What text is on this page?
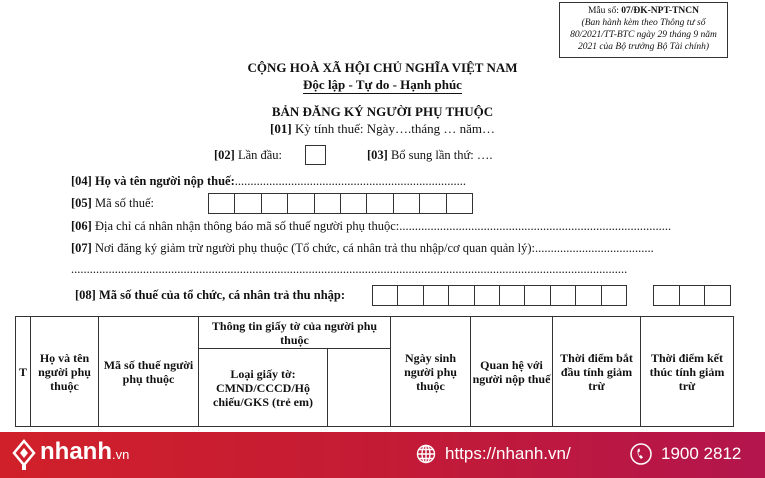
Mẫu số: 07/ĐK-NPT-TNCN
(Ban hành kèm theo Thông tư số 80/2021/TT-BTC ngày 29 tháng 9 năm 2021 của Bộ trưởng Bộ Tài chính)
CỘNG HOÀ XÃ HỘI CHỦ NGHĨA VIỆT NAM
Độc lập - Tự do - Hạnh phúc
BẢN ĐĂNG KÝ NGƯỜI PHỤ THUỘC
[01] Kỳ tính thuế: Ngày….tháng … năm…
[02] Lần đầu:	[03] Bổ sung lần thứ: ….
[04] Họ và tên người nộp thuế:..........................................................................
[05] Mã số thuế:
[06] Địa chỉ cá nhân nhận thông báo mã số thuế người phụ thuộc:.......................................................................................
[07] Nơi đăng ký giảm trừ người phụ thuộc (Tổ chức, cá nhân trả thu nhập/cơ quan quản lý):......................................
..................................................................................................................................................................................
[08] Mã số thuế của tổ chức, cá nhân trả thu nhập:
T	Họ và tên người phụ thuộc	Mã số thuế người phụ thuộc	Thông tin giấy tờ của người phụ thuộc		Ngày sinh người phụ thuộc	Quan hệ với người nộp thuế	Thời điểm bắt đầu tính giảm trừ	Thời điểm kết thúc tính giảm trừ
			Loại giấy tờ: CMND/CCCD/Hộ chiếu/GKS (trẻ em)					
nhanh.vn	https://nhanh.vn/	1900 2812
